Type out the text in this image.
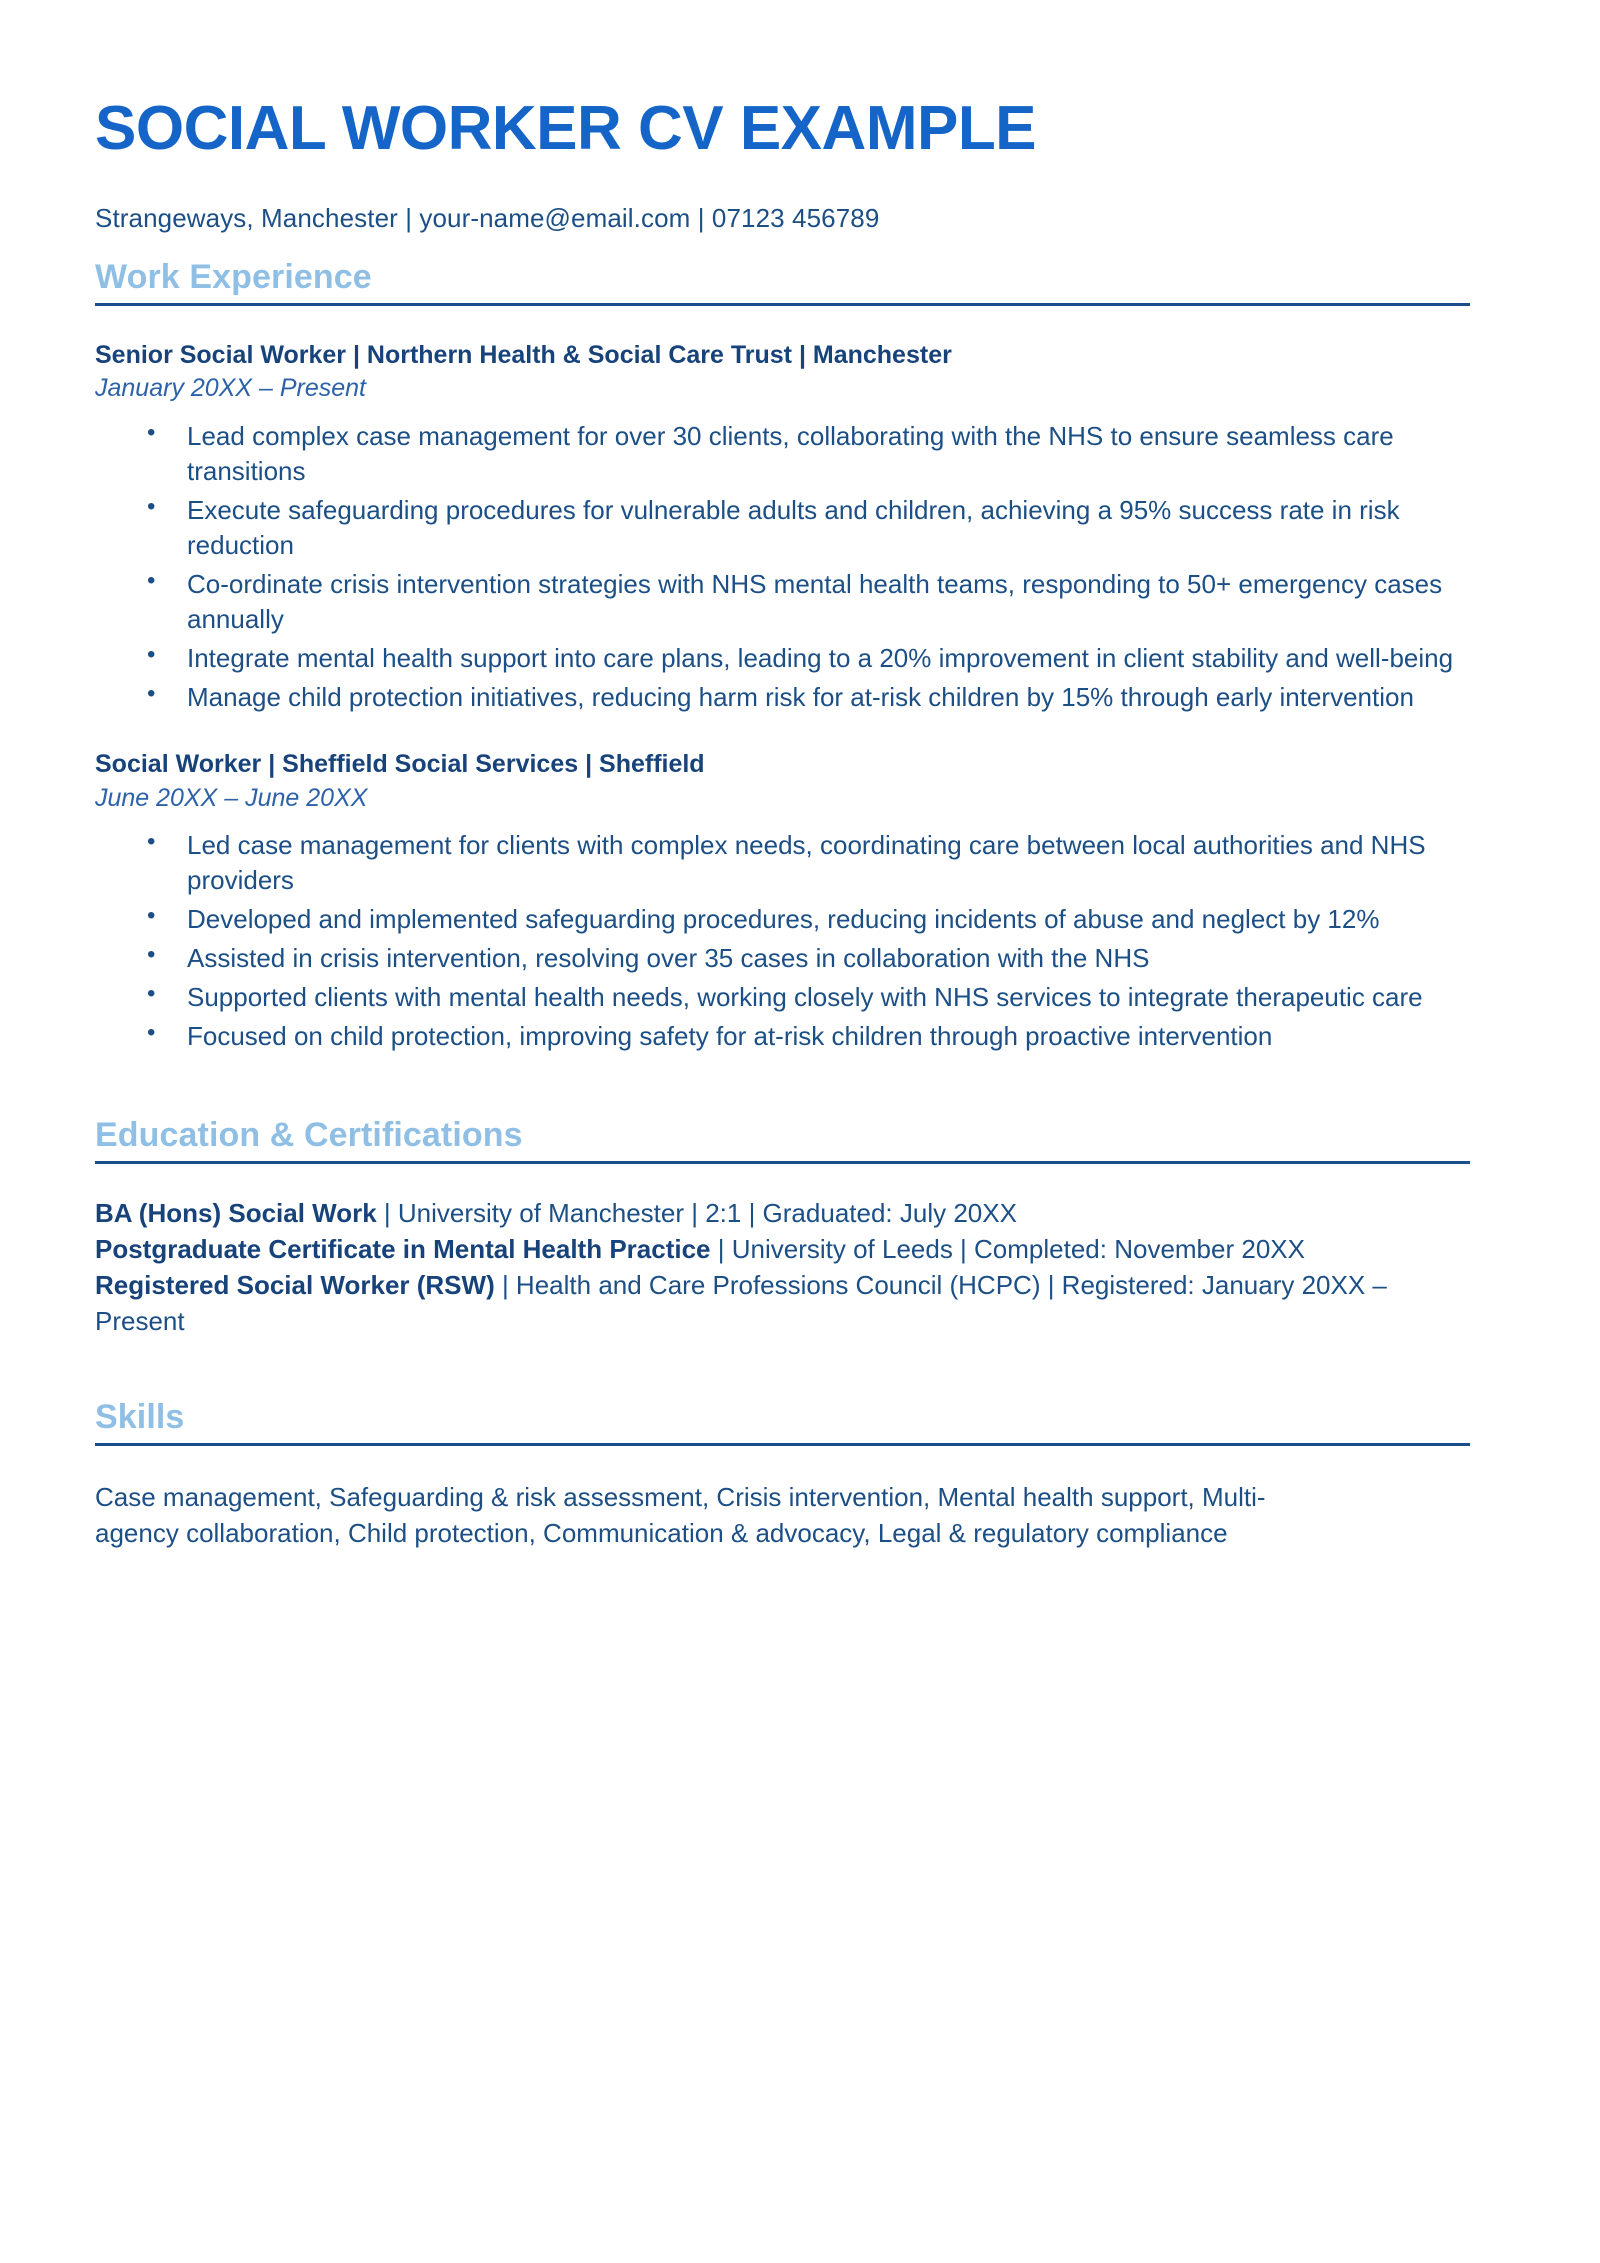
SOCIAL WORKER CV EXAMPLE

Strangeways, Manchester | your-name@email.com | 07123 456789

Work Experience

Senior Social Worker | Northern Health & Social Care Trust | Manchester

January 20XX – Present

• Lead complex case management for over 30 clients, collaborating with the NHS to ensure seamless care transitions
• Execute safeguarding procedures for vulnerable adults and children, achieving a 95% success rate in risk reduction
• Co-ordinate crisis intervention strategies with NHS mental health teams, responding to 50+ emergency cases annually
• Integrate mental health support into care plans, leading to a 20% improvement in client stability and well-being
• Manage child protection initiatives, reducing harm risk for at-risk children by 15% through early intervention

Social Worker | Sheffield Social Services | Sheffield

June 20XX – June 20XX

• Led case management for clients with complex needs, coordinating care between local authorities and NHS providers
• Developed and implemented safeguarding procedures, reducing incidents of abuse and neglect by 12%
• Assisted in crisis intervention, resolving over 35 cases in collaboration with the NHS
• Supported clients with mental health needs, working closely with NHS services to integrate therapeutic care
• Focused on child protection, improving safety for at-risk children through proactive intervention
Education & Certifications

BA (Hons) Social Work | University of Manchester | 2:1 | Graduated: July 20XX

Postgraduate Certificate in Mental Health Practice | University of Leeds | Completed: November 20XX

Registered Social Worker (RSW) | Health and Care Professions Council (HCPC) | Registered: January 20XX – Present

Skills

Case management, Safeguarding & risk assessment, Crisis intervention, Mental health support, Multi-agency collaboration, Child protection, Communication & advocacy, Legal & regulatory compliance
